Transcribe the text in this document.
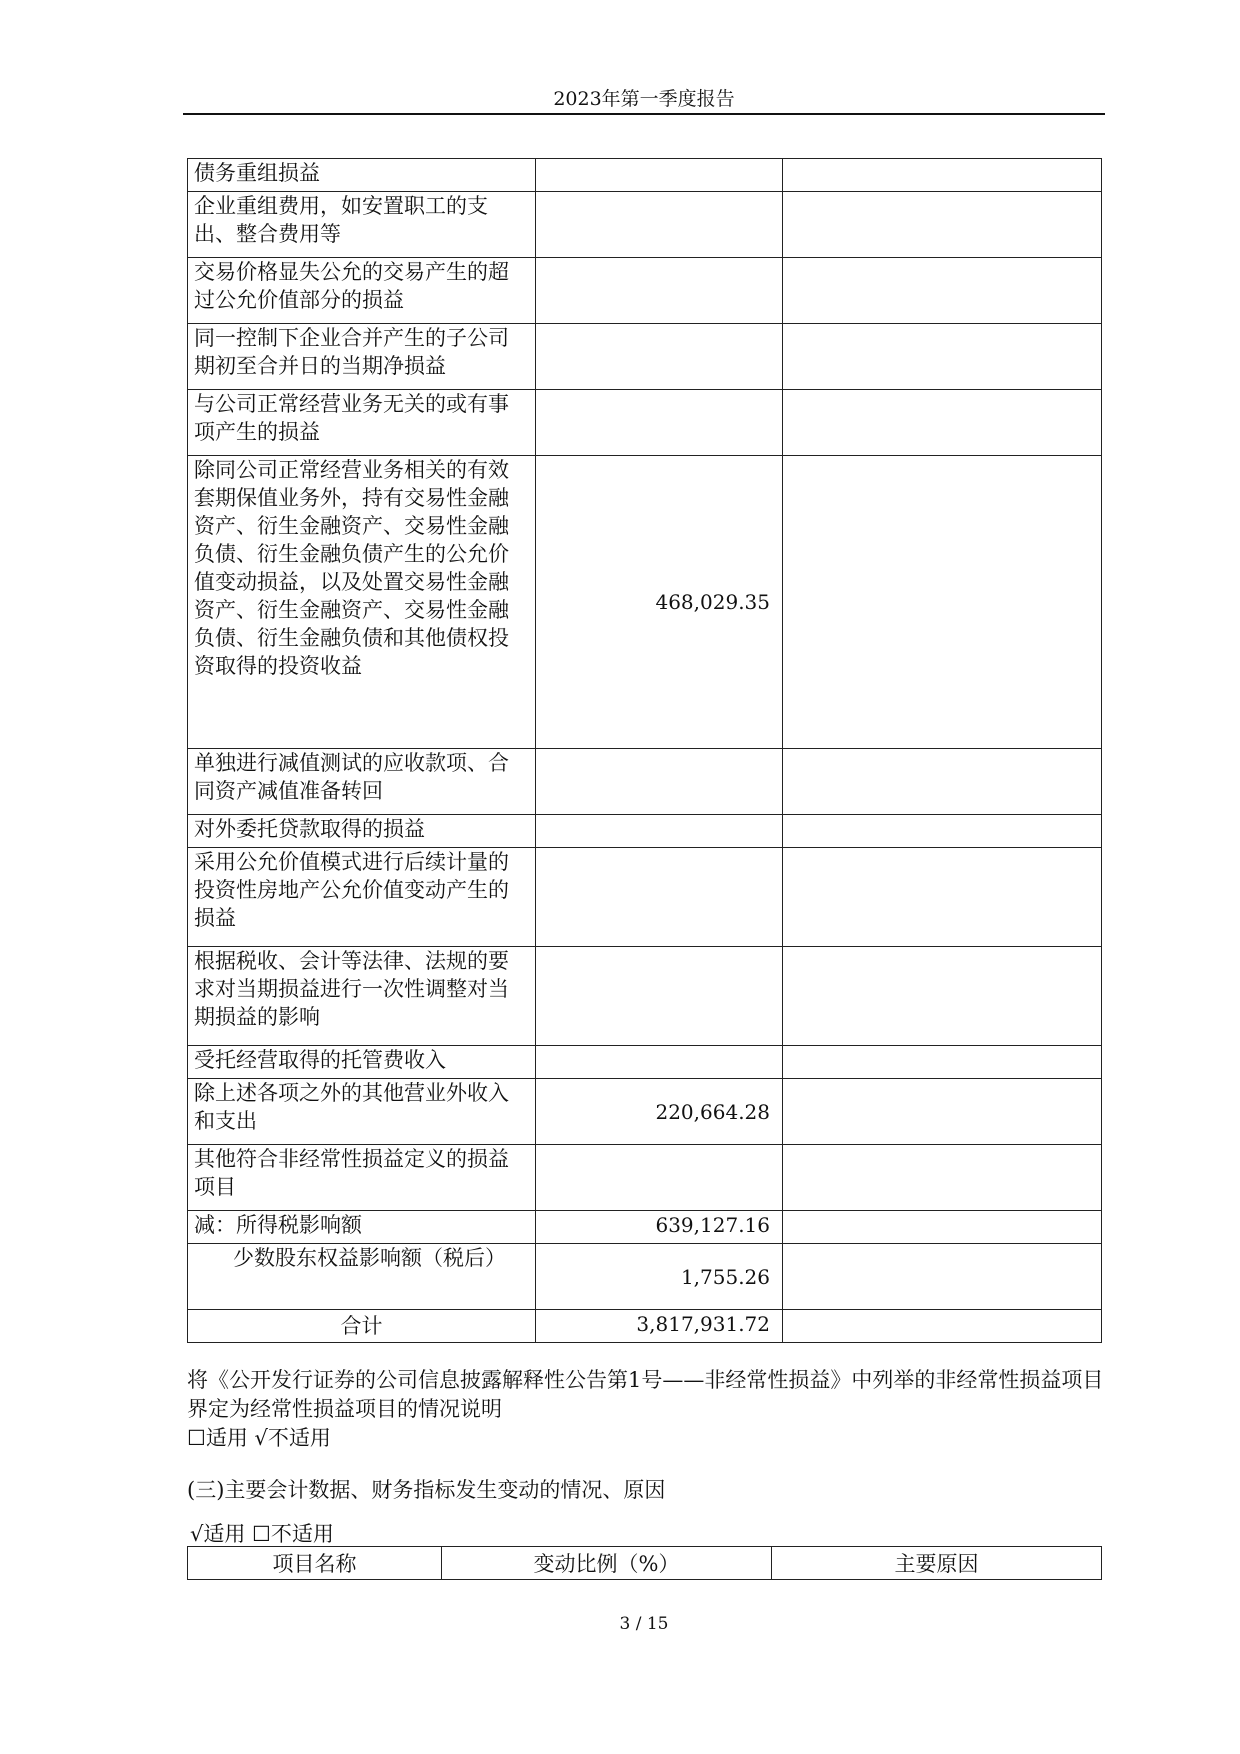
2023年第一季度报告
债务重组损益		
企业重组费用，如安置职工的支出、整合费用等		
交易价格显失公允的交易产生的超过公允价值部分的损益		
同一控制下企业合并产生的子公司期初至合并日的当期净损益		
与公司正常经营业务无关的或有事项产生的损益		
除同公司正常经营业务相关的有效套期保值业务外，持有交易性金融资产、衍生金融资产、交易性金融负债、衍生金融负债产生的公允价值变动损益，以及处置交易性金融资产、衍生金融资产、交易性金融负债、衍生金融负债和其他债权投资取得的投资收益	468,029.35	
单独进行减值测试的应收款项、合同资产减值准备转回		
对外委托贷款取得的损益		
采用公允价值模式进行后续计量的投资性房地产公允价值变动产生的损益		
根据税收、会计等法律、法规的要求对当期损益进行一次性调整对当期损益的影响		
受托经营取得的托管费收入		
除上述各项之外的其他营业外收入和支出	220,664.28	
其他符合非经常性损益定义的损益项目		
减：所得税影响额	639,127.16	
少数股东权益影响额（税后）	1,755.26	
合计	3,817,931.72	
将《公开发行证券的公司信息披露解释性公告第1号——非经常性损益》中列举的非经常性损益项目界定为经常性损益项目的情况说明
☐适用 √不适用
(三)主要会计数据、财务指标发生变动的情况、原因
√适用 ☐不适用
项目名称	变动比例（%）	主要原因
3 / 15
